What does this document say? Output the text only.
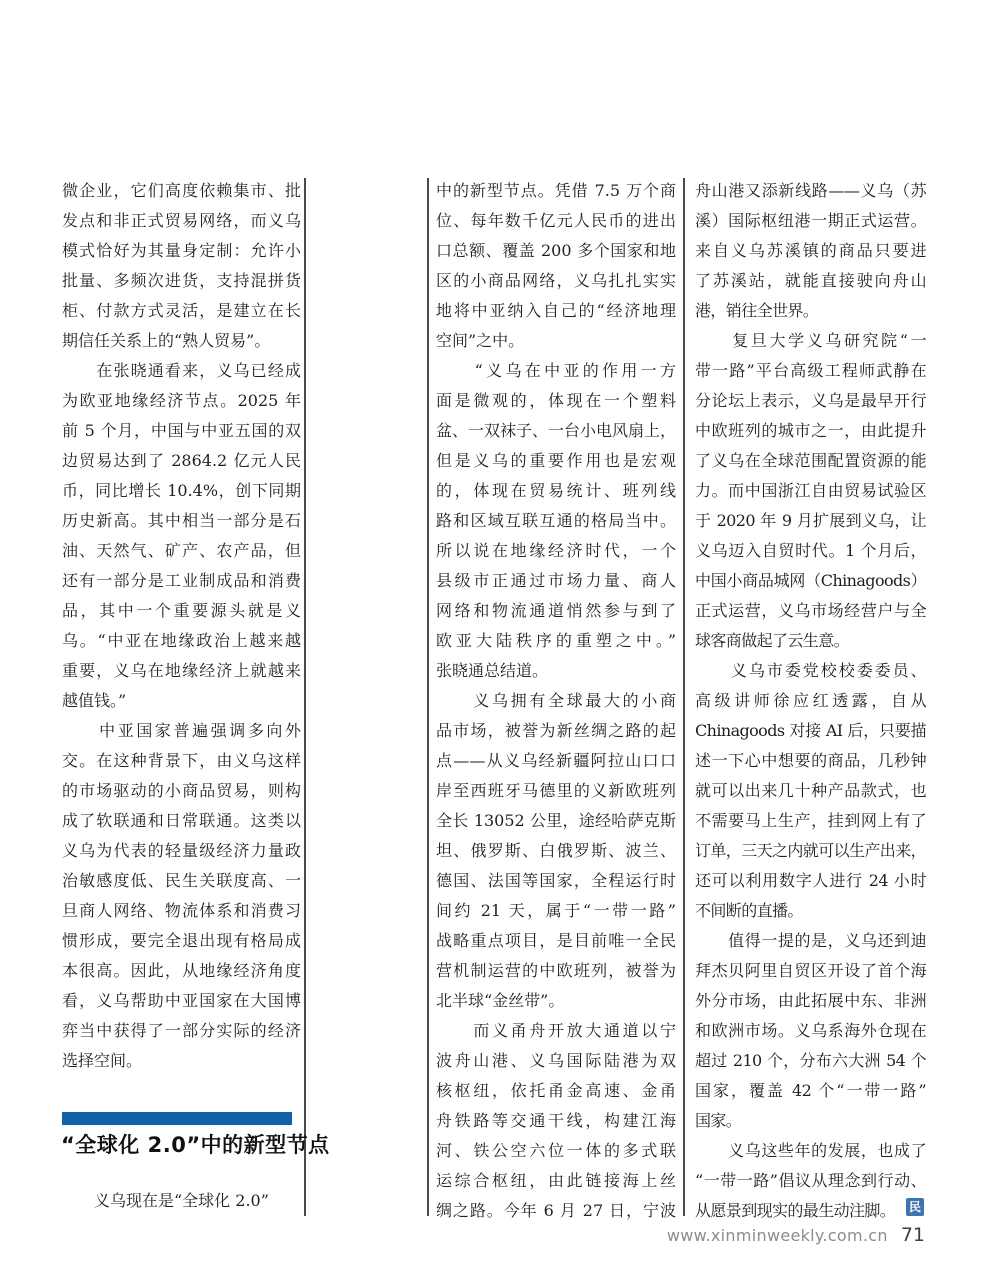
微企业，它们高度依赖集市、批
发点和非正式贸易网络，而义乌
模式恰好为其量身定制：允许小
批量、多频次进货，支持混拼货
柜、付款方式灵活，是建立在长
期信任关系上的“熟人贸易”。
　　在张晓通看来，义乌已经成
为欧亚地缘经济节点。2025 年
前 5 个月，中国与中亚五国的双
边贸易达到了 2864.2 亿元人民
币，同比增长 10.4%，创下同期
历史新高。其中相当一部分是石
油、天然气、矿产、农产品，但
还有一部分是工业制成品和消费
品，其中一个重要源头就是义
乌。“中亚在地缘政治上越来越
重要，义乌在地缘经济上就越来
越值钱。”
　　中亚国家普遍强调多向外
交。在这种背景下，由义乌这样
的市场驱动的小商品贸易，则构
成了软联通和日常联通。这类以
义乌为代表的轻量级经济力量政
治敏感度低、民生关联度高、一
旦商人网络、物流体系和消费习
惯形成，要完全退出现有格局成
本很高。因此，从地缘经济角度
看，义乌帮助中亚国家在大国博
弈当中获得了一部分实际的经济
选择空间。
中的新型节点。凭借 7.5 万个商
位、每年数千亿元人民币的进出
口总额、覆盖 200 多个国家和地
区的小商品网络，义乌扎扎实实
地将中亚纳入自己的“经济地理
空间”之中。
　　“义乌在中亚的作用一方
面是微观的，体现在一个塑料
盆、一双袜子、一台小电风扇上，
但是义乌的重要作用也是宏观
的，体现在贸易统计、班列线
路和区域互联互通的格局当中。
所以说在地缘经济时代，一个
县级市正通过市场力量、商人
网络和物流通道悄然参与到了
欧亚大陆秩序的重塑之中。”
张晓通总结道。
　　义乌拥有全球最大的小商
品市场，被誉为新丝绸之路的起
点——从义乌经新疆阿拉山口口
岸至西班牙马德里的义新欧班列
全长 13052 公里，途经哈萨克斯
坦、俄罗斯、白俄罗斯、波兰、
德国、法国等国家，全程运行时
间约 21 天，属于“一带一路”
战略重点项目，是目前唯一全民
营机制运营的中欧班列，被誉为
北半球“金丝带”。
　　而义甬舟开放大通道以宁
波舟山港、义乌国际陆港为双
核枢纽，依托甬金高速、金甬
舟铁路等交通干线，构建江海
河、铁公空六位一体的多式联
运综合枢纽，由此链接海上丝
绸之路。今年 6 月 27 日，宁波
舟山港又添新线路——义乌（苏
溪）国际枢纽港一期正式运营。
来自义乌苏溪镇的商品只要进
了苏溪站，就能直接驶向舟山
港，销往全世界。
　　复旦大学义乌研究院“一
带一路”平台高级工程师武静在
分论坛上表示，义乌是最早开行
中欧班列的城市之一，由此提升
了义乌在全球范围配置资源的能
力。而中国浙江自由贸易试验区
于 2020 年 9 月扩展到义乌，让
义乌迈入自贸时代。1 个月后，
中国小商品城网（Chinagoods）
正式运营，义乌市场经营户与全
球客商做起了云生意。
　　义乌市委党校校委委员、
高级讲师徐应红透露，自从
Chinagoods 对接 AI 后，只要描
述一下心中想要的商品，几秒钟
就可以出来几十种产品款式，也
不需要马上生产，挂到网上有了
订单，三天之内就可以生产出来，
还可以利用数字人进行 24 小时
不间断的直播。
　　值得一提的是，义乌还到迪
拜杰贝阿里自贸区开设了首个海
外分市场，由此拓展中东、非洲
和欧洲市场。义乌系海外仓现在
超过 210 个，分布六大洲 54 个
国家，覆盖 42 个“一带一路”
国家。
　　义乌这些年的发展，也成了
“一带一路”倡议从理念到行动、
从愿景到现实的最生动注脚。
“全球化 2.0”中的新型节点
　　义乌现在是“全球化 2.0”	民
www.xinminweekly.com.cn 71
